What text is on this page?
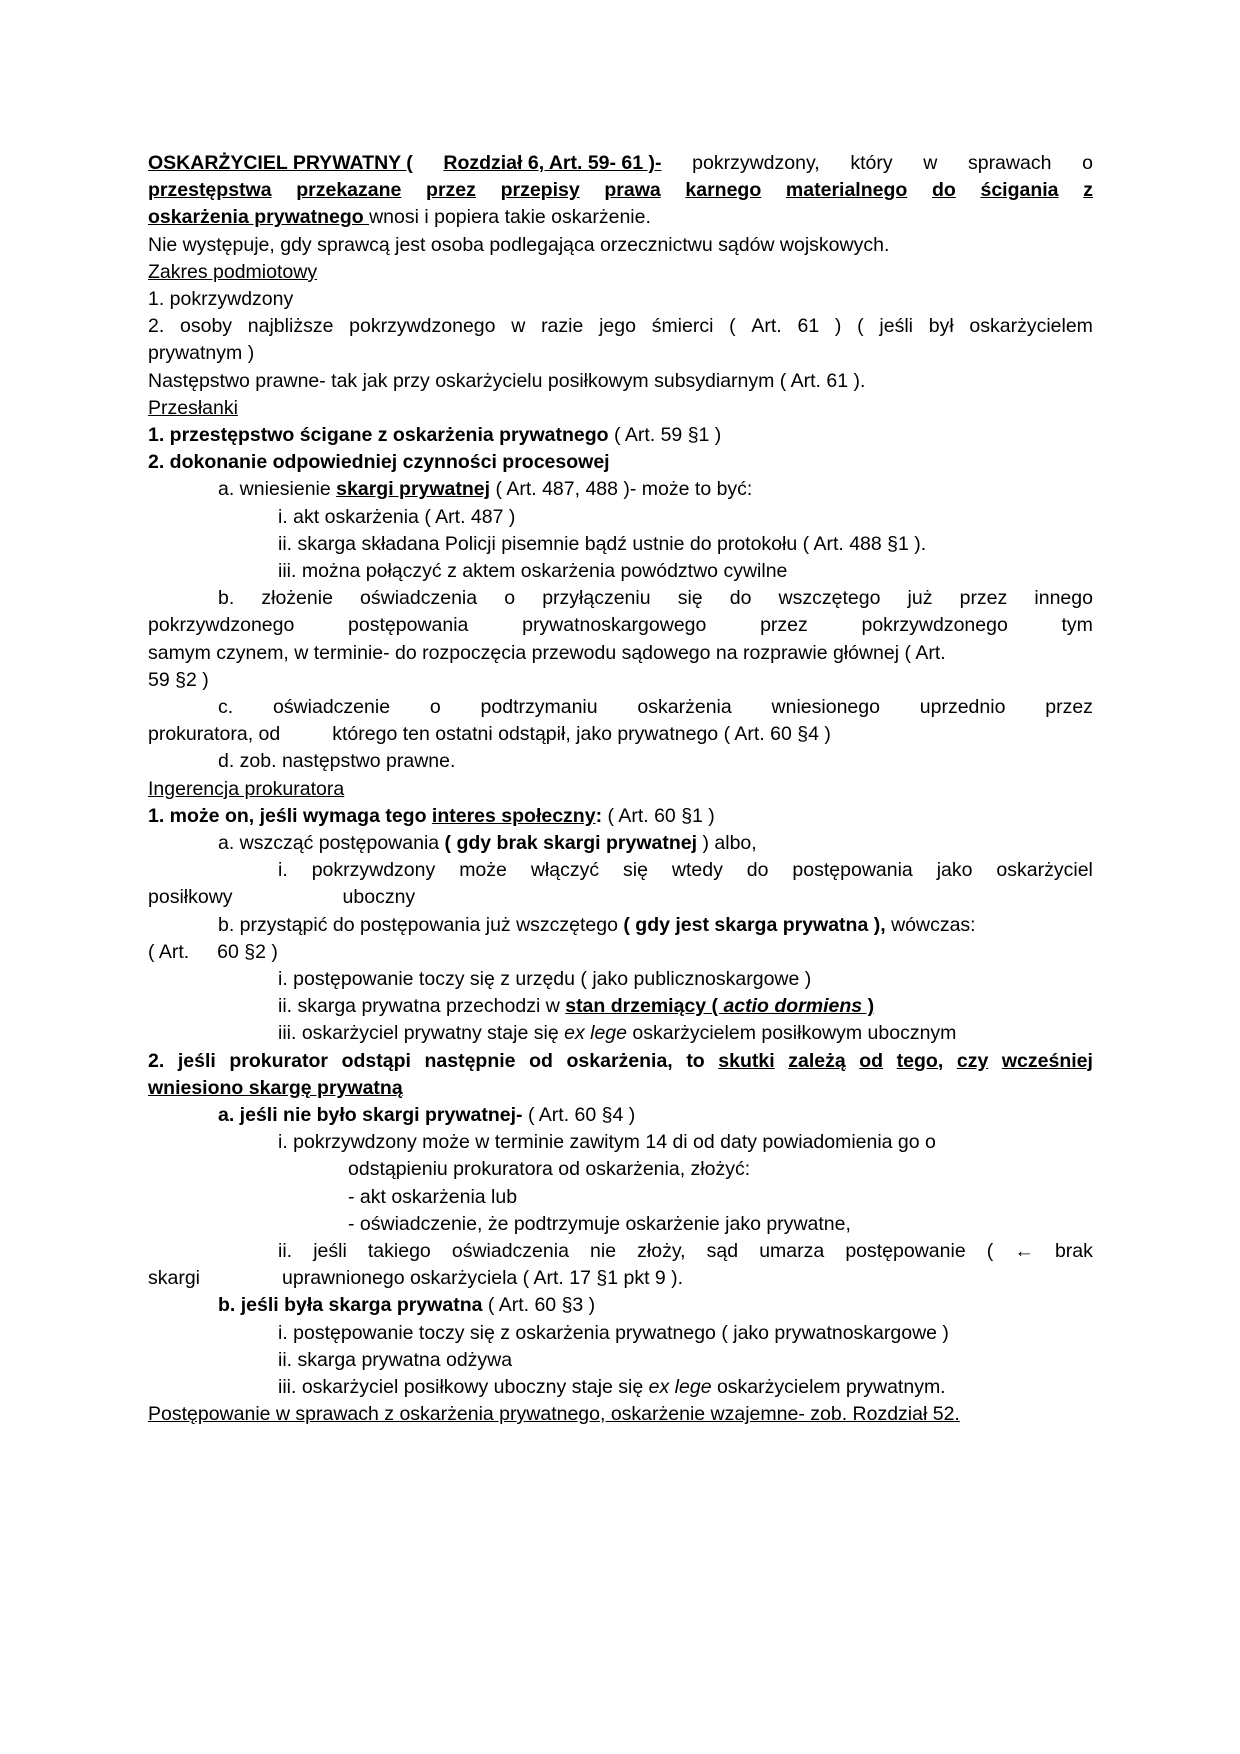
OSKARŻYCIEL PRYWATNY ( Rozdział 6, Art. 59- 61 )- pokrzywdzony, który w sprawach o
przestępstwa przekazane przez przepisy prawa karnego materialnego do ścigania z
oskarżenia prywatnego wnosi i popiera takie oskarżenie.
Nie występuje, gdy sprawcą jest osoba podlegająca orzecznictwu sądów wojskowych.
Zakres podmiotowy
1. pokrzywdzony
2. osoby najbliższe pokrzywdzonego w razie jego śmierci ( Art. 61 ) ( jeśli był oskarżycielem
prywatnym )
Następstwo prawne- tak jak przy oskarżycielu posiłkowym subsydiarnym ( Art. 61 ).
Przesłanki
1. przestępstwo ścigane z oskarżenia prywatnego ( Art. 59 §1 )
2. dokonanie odpowiedniej czynności procesowej
a. wniesienie skargi prywatnej ( Art. 487, 488 )- może to być:
i. akt oskarżenia ( Art. 487 )
ii. skarga składana Policji pisemnie bądź ustnie do protokołu ( Art. 488 §1 ).
iii. można połączyć z aktem oskarżenia powództwo cywilne
b. złożenie oświadczenia o przyłączeniu się do wszczętego już przez innego
pokrzywdzonego	postępowania	prywatnoskargowego	przez	pokrzywdzonego	tym
samym czynem, w terminie- do rozpoczęcia przewodu sądowego na rozprawie głównej ( Art.
59 §2 )
c. oświadczenie o podtrzymaniu oskarżenia wniesionego uprzednio przez
prokuratora, od	którego ten ostatni odstąpił, jako prywatnego ( Art. 60 §4 )
d. zob. następstwo prawne.
Ingerencja prokuratora
1. może on, jeśli wymaga tego interes społeczny: ( Art. 60 §1 )
a. wszcząć postępowania ( gdy brak skargi prywatnej ) albo,
i. pokrzywdzony może włączyć się wtedy do postępowania jako oskarżyciel
posiłkowy	uboczny
b. przystąpić do postępowania już wszczętego ( gdy jest skarga prywatna ), wówczas:
( Art. 60 §2 )
i. postępowanie toczy się z urzędu ( jako publicznoskargowe )
ii. skarga prywatna przechodzi w stan drzemiący ( actio dormiens )
iii. oskarżyciel prywatny staje się ex lege oskarżycielem posiłkowym ubocznym
2. jeśli prokurator odstąpi następnie od oskarżenia, to skutki zależą od tego, czy wcześniej
wniesiono skargę prywatną
a. jeśli nie było skargi prywatnej- ( Art. 60 §4 )
i. pokrzywdzony może w terminie zawitym 14 di od daty powiadomienia go o
odstąpieniu prokuratora od oskarżenia, złożyć:
- akt oskarżenia lub
- oświadczenie, że podtrzymuje oskarżenie jako prywatne,
ii. jeśli takiego oświadczenia nie złoży, sąd umarza postępowanie ( ← brak
skargi	uprawnionego oskarżyciela ( Art. 17 §1 pkt 9 ).
b. jeśli była skarga prywatna ( Art. 60 §3 )
i. postępowanie toczy się z oskarżenia prywatnego ( jako prywatnoskargowe )
ii. skarga prywatna odżywa
iii. oskarżyciel posiłkowy uboczny staje się ex lege oskarżycielem prywatnym.
Postępowanie w sprawach z oskarżenia prywatnego, oskarżenie wzajemne- zob. Rozdział 52.
